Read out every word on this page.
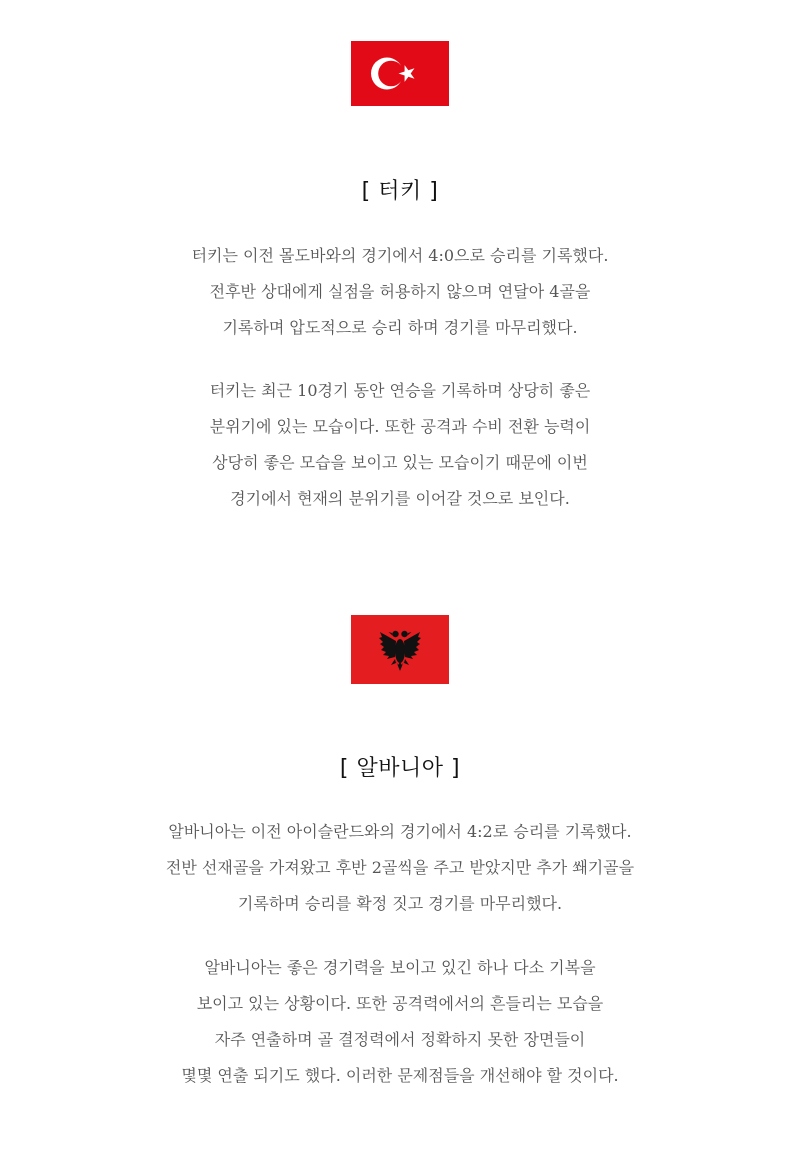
[ 터키 ]
터키는 이전 몰도바와의 경기에서 4:0으로 승리를 기록했다.
전후반 상대에게 실점을 허용하지 않으며 연달아 4골을
기록하며 압도적으로 승리 하며 경기를 마무리했다.
터키는 최근 10경기 동안 연승을 기록하며 상당히 좋은
분위기에 있는 모습이다. 또한 공격과 수비 전환 능력이
상당히 좋은 모습을 보이고 있는 모습이기 때문에 이번
경기에서 현재의 분위기를 이어갈 것으로 보인다.
[ 알바니아 ]
알바니아는 이전 아이슬란드와의 경기에서 4:2로 승리를 기록했다.
전반 선재골을 가져왔고 후반 2골씩을 주고 받았지만 추가 쐐기골을
기록하며 승리를 확정 짓고 경기를 마무리했다.
알바니아는 좋은 경기력을 보이고 있긴 하나 다소 기복을
보이고 있는 상황이다. 또한 공격력에서의 흔들리는 모습을
자주 연출하며 골 결정력에서 정확하지 못한 장면들이
몇몇 연출 되기도 했다. 이러한 문제점들을 개선해야 할 것이다.
